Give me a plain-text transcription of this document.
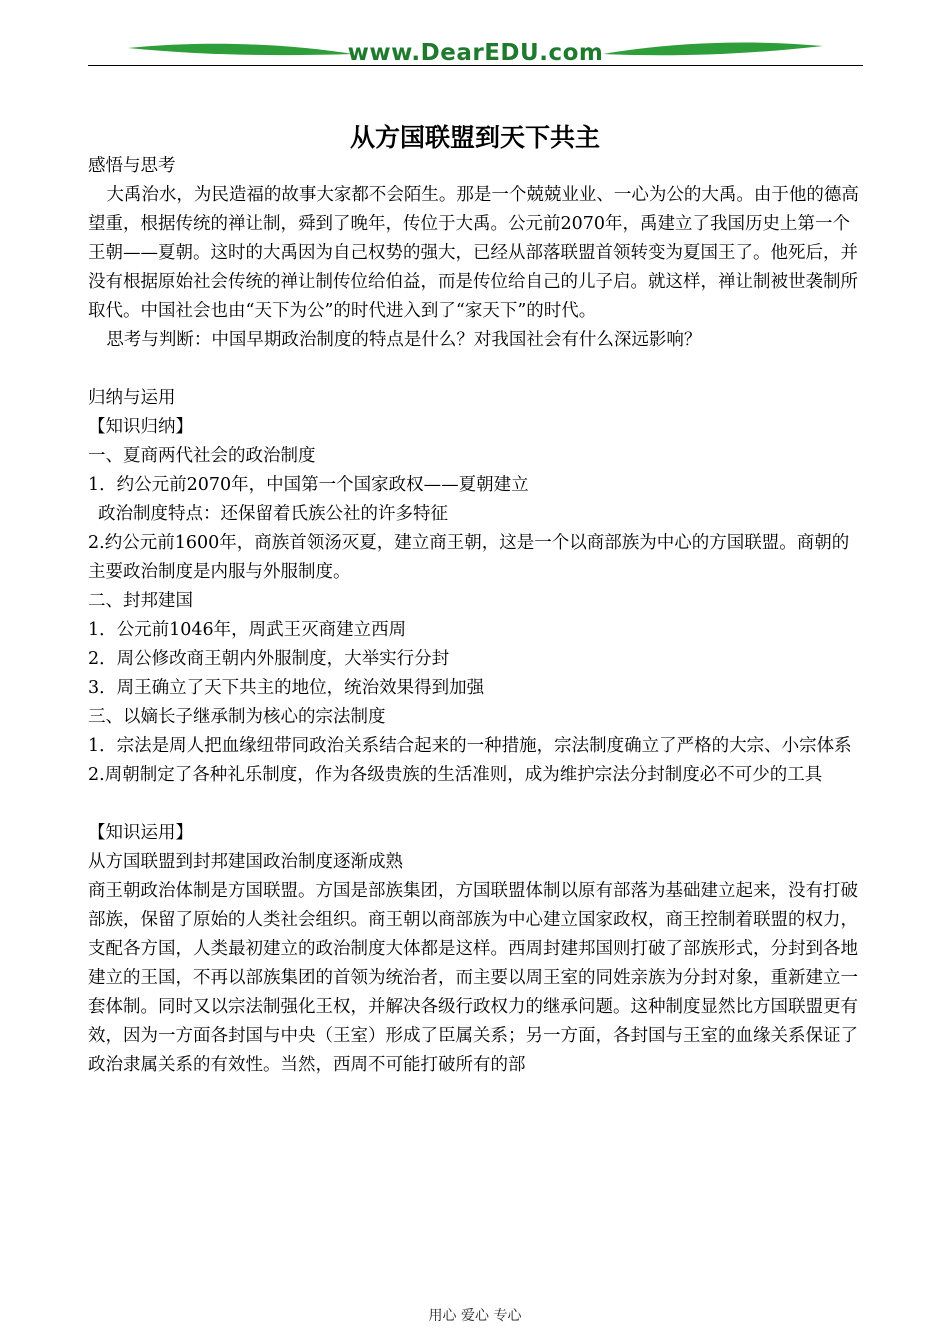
www.DearEDU.com
从方国联盟到天下共主

感悟与思考

大禹治水，为民造福的故事大家都不会陌生。那是一个兢兢业业、一心为公的大禹。由于他的德高望重，根据传统的禅让制，舜到了晚年，传位于大禹。公元前2070年，禹建立了我国历史上第一个王朝——夏朝。这时的大禹因为自己权势的强大，已经从部落联盟首领转变为夏国王了。他死后，并没有根据原始社会传统的禅让制传位给伯益，而是传位给自己的儿子启。就这样，禅让制被世袭制所取代。中国社会也由“天下为公”的时代进入到了“家天下”的时代。

思考与判断：中国早期政治制度的特点是什么？对我国社会有什么深远影响？

归纳与运用

【知识归纳】

一、夏商两代社会的政治制度

1．约公元前2070年，中国第一个国家政权——夏朝建立

政治制度特点：还保留着氏族公社的许多特征

2.约公元前1600年，商族首领汤灭夏，建立商王朝，这是一个以商部族为中心的方国联盟。商朝的主要政治制度是内服与外服制度。

二、封邦建国

1．公元前1046年，周武王灭商建立西周

2．周公修改商王朝内外服制度，大举实行分封

3．周王确立了天下共主的地位，统治效果得到加强

三、以嫡长子继承制为核心的宗法制度

1．宗法是周人把血缘纽带同政治关系结合起来的一种措施，宗法制度确立了严格的大宗、小宗体系

2.周朝制定了各种礼乐制度，作为各级贵族的生活准则，成为维护宗法分封制度必不可少的工具

【知识运用】

从方国联盟到封邦建国政治制度逐渐成熟

商王朝政治体制是方国联盟。方国是部族集团，方国联盟体制以原有部落为基础建立起来，没有打破部族，保留了原始的人类社会组织。商王朝以商部族为中心建立国家政权，商王控制着联盟的权力，支配各方国，人类最初建立的政治制度大体都是这样。西周封建邦国则打破了部族形式，分封到各地建立的王国，不再以部族集团的首领为统治者，而主要以周王室的同姓亲族为分封对象，重新建立一套体制。同时又以宗法制强化王权，并解决各级行政权力的继承问题。这种制度显然比方国联盟更有效，因为一方面各封国与中央（王室）形成了臣属关系；另一方面，各封国与王室的血缘关系保证了政治隶属关系的有效性。当然，西周不可能打破所有的部

用心 爱心 专心
